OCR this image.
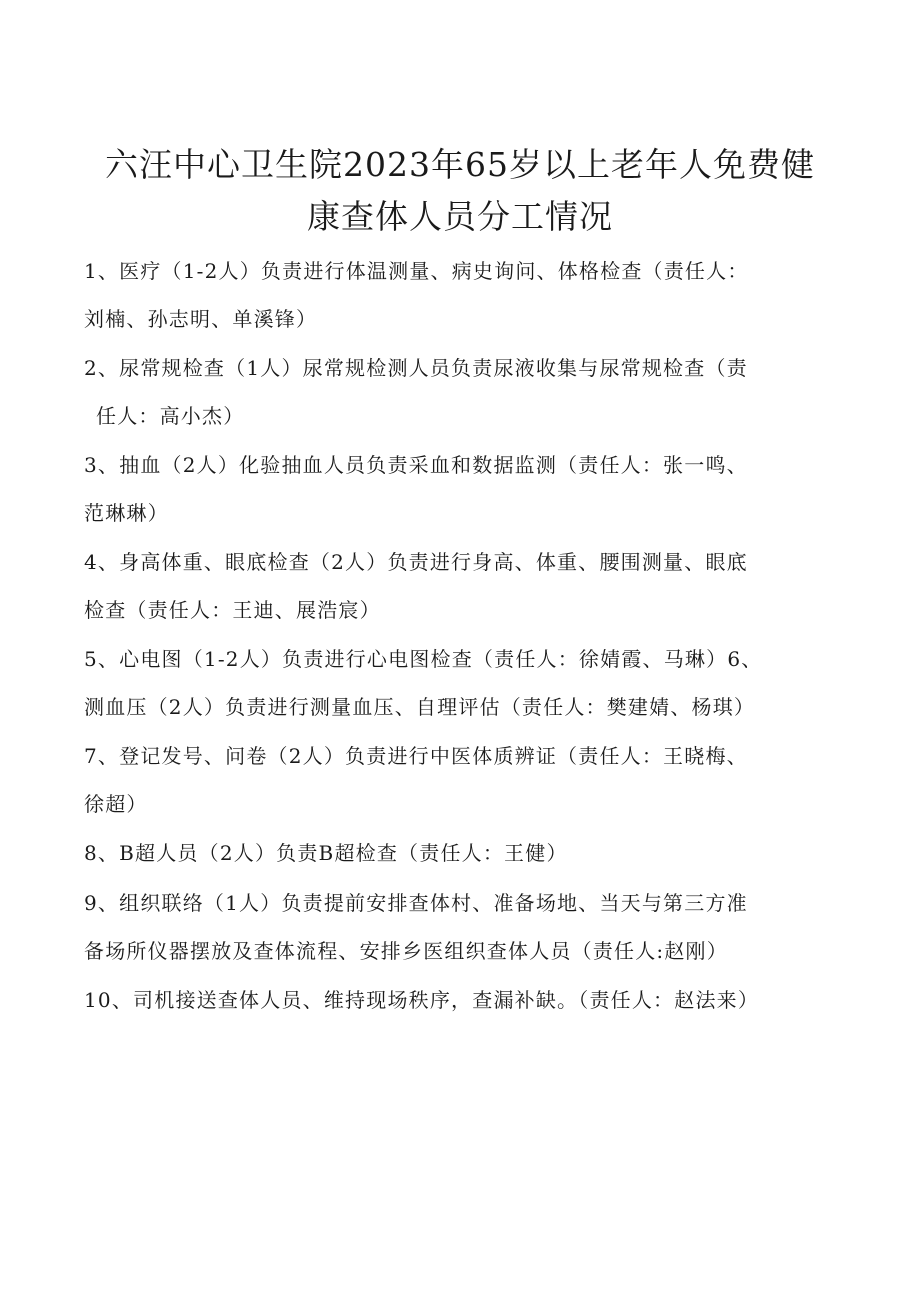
六汪中心卫生院2023年65岁以上老年人免费健
康查体人员分工情况
1、医疗（1-2人）负责进行体温测量、病史询问、体格检查（责任人：
刘楠、孙志明、单溪锋）
2、尿常规检查（1人）尿常规检测人员负责尿液收集与尿常规检查（责
任人：高小杰）
3、抽血（2人）化验抽血人员负责采血和数据监测（责任人：张一鸣、
范琳琳）
4、身高体重、眼底检查（2人）负责进行身高、体重、腰围测量、眼底
检查（责任人：王迪、展浩宸）
5、心电图（1-2人）负责进行心电图检查（责任人：徐婧霞、马琳）6、
测血压（2人）负责进行测量血压、自理评估（责任人：樊建婧、杨琪）
7、登记发号、问卷（2人）负责进行中医体质辨证（责任人：王晓梅、
徐超）
8、B超人员（2人）负责B超检查（责任人：王健）
9、组织联络（1人）负责提前安排查体村、准备场地、当天与第三方准
备场所仪器摆放及查体流程、安排乡医组织查体人员（责任人:赵刚）
10、司机接送查体人员、维持现场秩序，查漏补缺。（责任人：赵法来）
